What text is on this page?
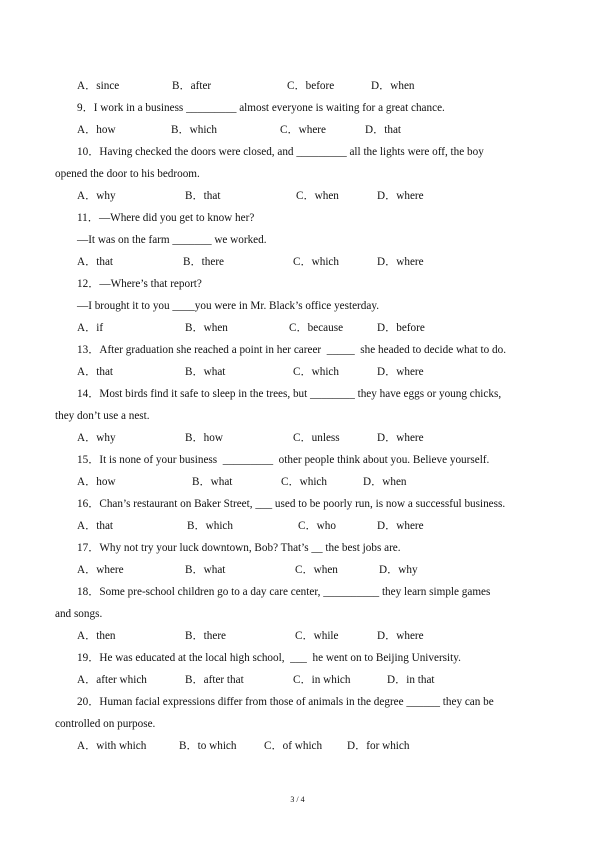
A．since	B．after	C．before	D．when
9．I work in a business _________ almost everyone is waiting for a great chance.
A．how	B．which	C．where	D．that
10．Having checked the doors were closed, and _________ all the lights were off, the boy
opened the door to his bedroom.
A．why	B．that	C．when	D．where
11．—Where did you get to know her?
—It was on the farm _______ we worked.
A．that	B．there	C．which	D．where
12．—Where’s that report?
—I brought it to you ____you were in Mr. Black’s office yesterday.
A．if	B．when	C．because	D．before
13．After graduation she reached a point in her career  _____  she headed to decide what to do.
A．that	B．what	C．which	D．where
14．Most birds find it safe to sleep in the trees, but ________ they have eggs or young chicks,
they don’t use a nest.
A．why	B．how	C．unless	D．where
15．It is none of your business  _________  other people think about you. Believe yourself.
A．how	B．what	C．which	D．when
16．Chan’s restaurant on Baker Street, ___ used to be poorly run, is now a successful business.
A．that	B．which	C．who	D．where
17．Why not try your luck downtown, Bob? That’s __ the best jobs are.
A．where	B．what	C．when	D．why
18．Some pre-school children go to a day care center, __________ they learn simple games
and songs.
A．then	B．there	C．while	D．where
19．He was educated at the local high school,  ___  he went on to Beijing University.
A．after which	B．after that	C．in which	D．in that
20．Human facial expressions differ from those of animals in the degree ______ they can be
controlled on purpose.
A．with which	B．to which C．of which D．for which
3 / 4
